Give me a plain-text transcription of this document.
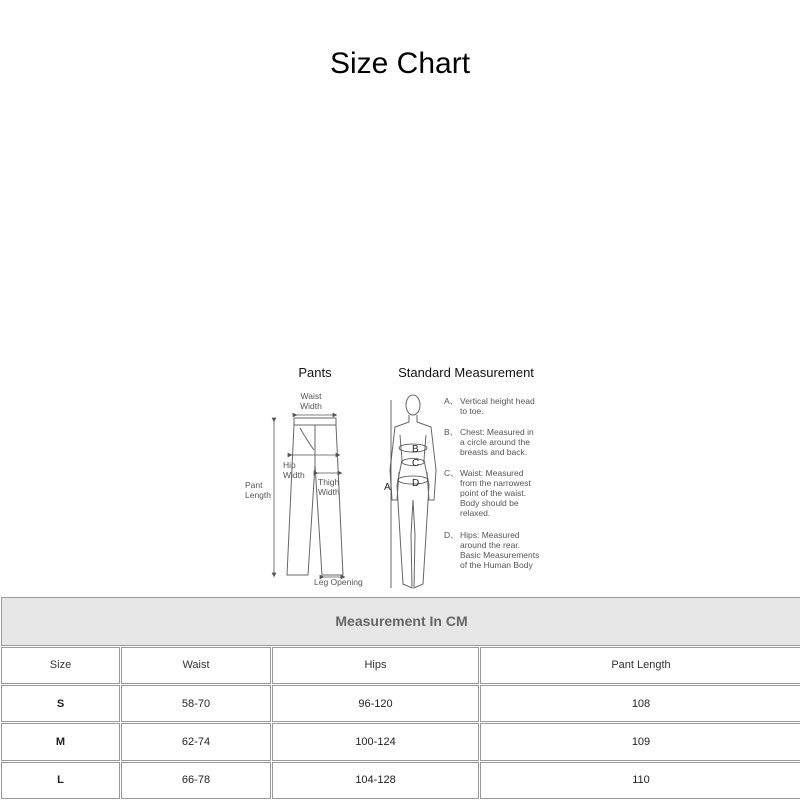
Size Chart
Pants
Waist
Width
Hip
Width
Thigh
Width
Pant
Length
Leg Opening
Standard Measurement
A
B
C
D
A、 Vertical height head
to toe.
B、 Chest: Measured in
a circle around the
breasts and back.
C、 Waist: Measured
from the narrowest
point of the waist.
Body should be
relaxed.
D、 Hips: Measured
around the rear.
Basic Measurements
of the Human Body
Measurement In CM			
Size	Waist	Hips	Pant Length
S	58-70	96-120	108
M	62-74	100-124	109
L	66-78	104-128	110
